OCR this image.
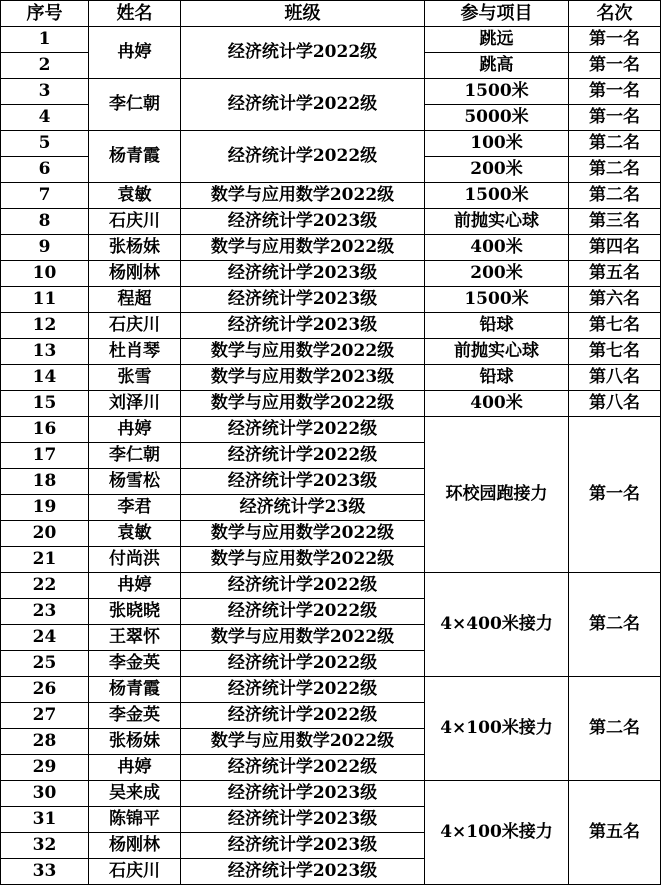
序号	姓名	班级	参与项目	名次
1	冉婷	经济统计学2022级	跳远	第一名
2			跳高	第一名
3	李仁朝	经济统计学2022级	1500米	第一名
4			5000米	第一名
5	杨青霞	经济统计学2022级	100米	第二名
6			200米	第二名
7	袁敏	数学与应用数学2022级	1500米	第二名
8	石庆川	经济统计学2023级	前抛实心球	第三名
9	张杨妹	数学与应用数学2022级	400米	第四名
10	杨刚林	经济统计学2023级	200米	第五名
11	程超	经济统计学2023级	1500米	第六名
12	石庆川	经济统计学2023级	铅球	第七名
13	杜肖琴	数学与应用数学2022级	前抛实心球	第七名
14	张雪	数学与应用数学2023级	铅球	第八名
15	刘泽川	数学与应用数学2022级	400米	第八名
16	冉婷	经济统计学2022级	环校园跑接力	第一名
17	李仁朝	经济统计学2022级		
18	杨雪松	经济统计学2023级		
19	李君	经济统计学23级		
20	袁敏	数学与应用数学2022级		
21	付尚洪	数学与应用数学2022级		
22	冉婷	经济统计学2022级	4×400米接力	第二名
23	张晓晓	经济统计学2022级		
24	王翠怀	数学与应用数学2022级		
25	李金英	经济统计学2022级		
26	杨青霞	经济统计学2022级	4×100米接力	第二名
27	李金英	经济统计学2022级		
28	张杨妹	数学与应用数学2022级		
29	冉婷	经济统计学2022级		
30	吴来成	经济统计学2023级	4×100米接力	第五名
31	陈锦平	经济统计学2023级		
32	杨刚林	经济统计学2023级		
33	石庆川	经济统计学2023级		
